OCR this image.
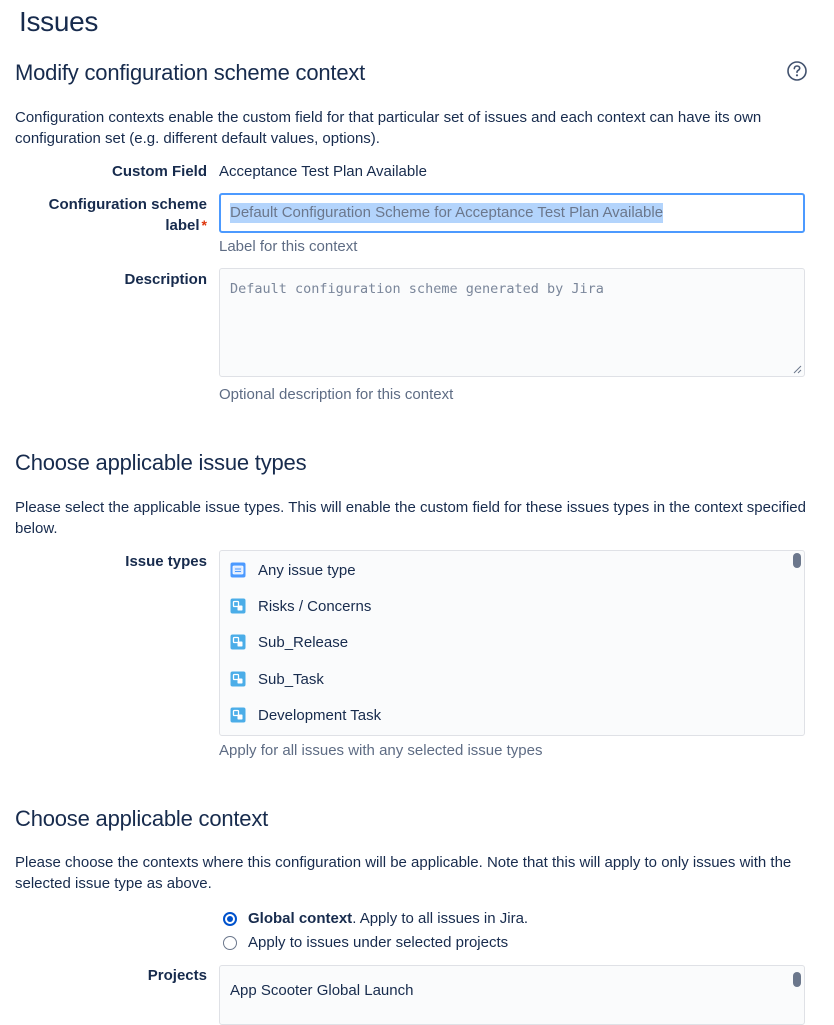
Issues
Modify configuration scheme context

Configuration contexts enable the custom field for that particular set of issues and each context can have its own configuration set (e.g. different default values, options).

Custom Field Acceptance Test Plan Available
Configuration scheme
label *
Default Configuration Scheme for Acceptance Test Plan Available
Label for this context
Description
Default configuration scheme generated by Jira
Optional description for this context
Choose applicable issue types

Please select the applicable issue types. This will enable the custom field for these issues types in the context specified below.

Issue types	Any issue type
Risks / Concerns
Sub_Release
Sub_Task
Development Task
Apply for all issues with any selected issue types
Choose applicable context

Please choose the contexts where this configuration will be applicable. Note that this will apply to only issues with the selected issue type as above.

Global context. Apply to all issues in Jira.
Apply to issues under selected projects
Projects
App Scooter Global Launch
